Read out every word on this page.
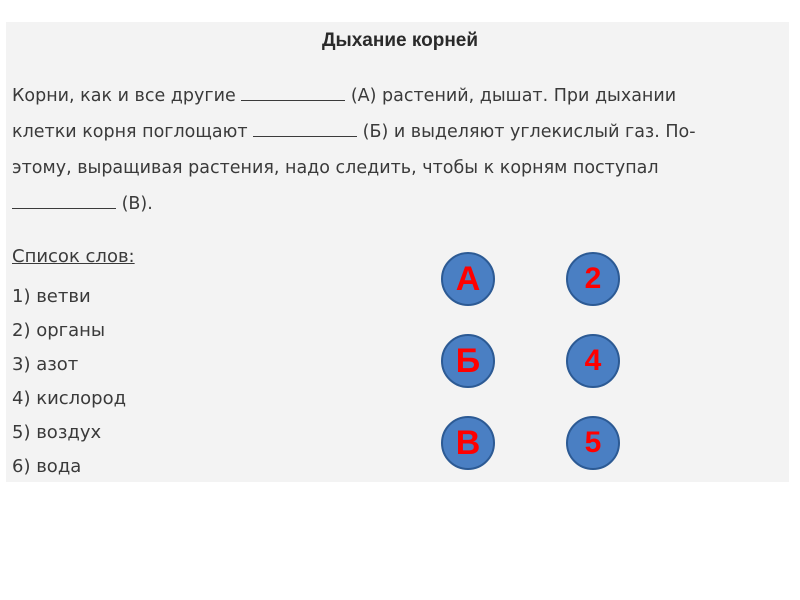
Дыхание корней
Корни, как и все другие	(А) растений, дышат. При дыхании
клетки корня поглощают	(Б) и выделяют углекислый газ. По-
этому, выращивая растения, надо следить, чтобы к корням поступал
(В).
Список слов:
1) ветви
2) органы
3) азот
4) кислород
5) воздух
6) вода
А	2
Б	4
В	5
